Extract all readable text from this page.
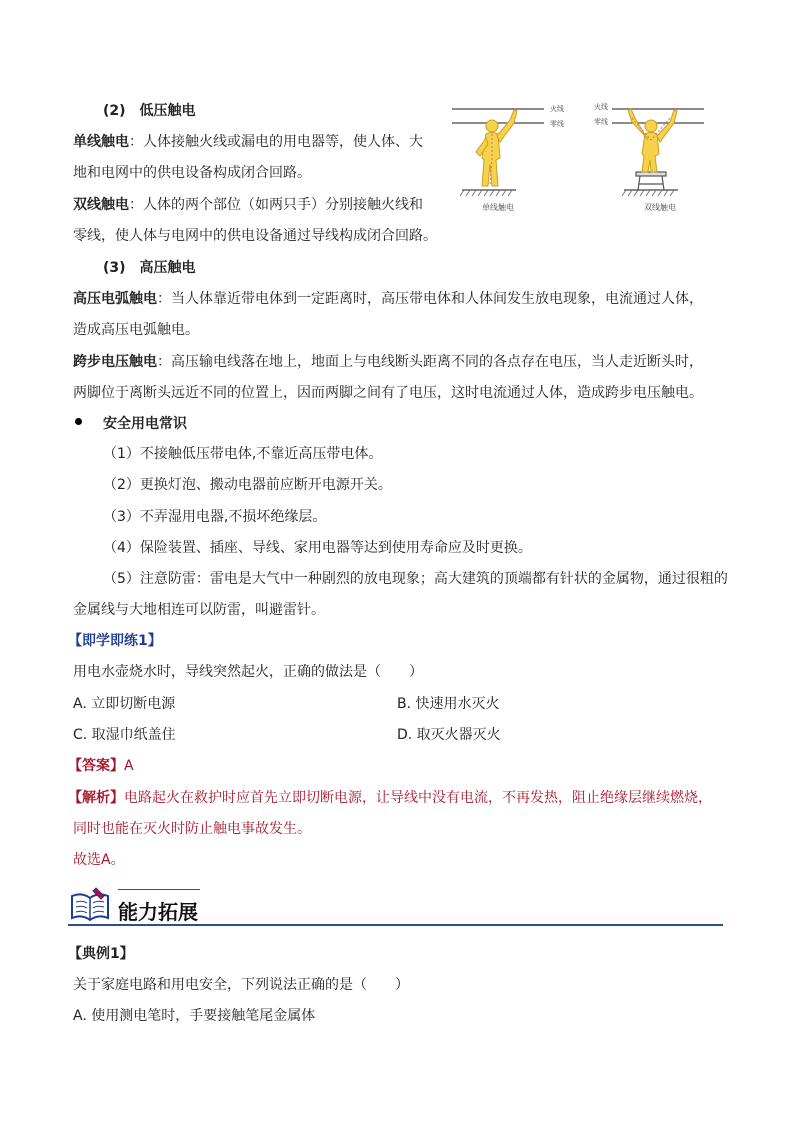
(2)　低压触电
单线触电：人体接触火线或漏电的用电器等，使人体、大
地和电网中的供电设备构成闭合回路。
双线触电：人体的两个部位（如两只手）分别接触火线和
零线，使人体与电网中的供电设备通过导线构成闭合回路。
火线
零线
火线
零线
单线触电	双线触电
(3)　高压触电
高压电弧触电：当人体靠近带电体到一定距离时，高压带电体和人体间发生放电现象，电流通过人体，
造成高压电弧触电。
跨步电压触电：高压输电线落在地上，地面上与电线断头距离不同的各点存在电压，当人走近断头时，
两脚位于离断头远近不同的位置上，因而两脚之间有了电压，这时电流通过人体，造成跨步电压触电。
安全用电常识
（1）不接触低压带电体,不靠近高压带电体。
（2）更换灯泡、搬动电器前应断开电源开关。
（3）不弄湿用电器,不损坏绝缘层。
（4）保险装置、插座、导线、家用电器等达到使用寿命应及时更换。
（5）注意防雷：雷电是大气中一种剧烈的放电现象；高大建筑的顶端都有针状的金属物，通过很粗的
金属线与大地相连可以防雷，叫避雷针。
【即学即练1】
用电水壶烧水时，导线突然起火，正确的做法是（　　）
A. 立即切断电源	B. 快速用水灭火
C. 取湿巾纸盖住	D. 取灭火器灭火
【答案】A
【解析】电路起火在救护时应首先立即切断电源，让导线中没有电流，不再发热，阻止绝缘层继续燃烧，
同时也能在灭火时防止触电事故发生。
故选A。
能力拓展
【典例1】
关于家庭电路和用电安全，下列说法正确的是（　　）
A. 使用测电笔时，手要接触笔尾金属体
